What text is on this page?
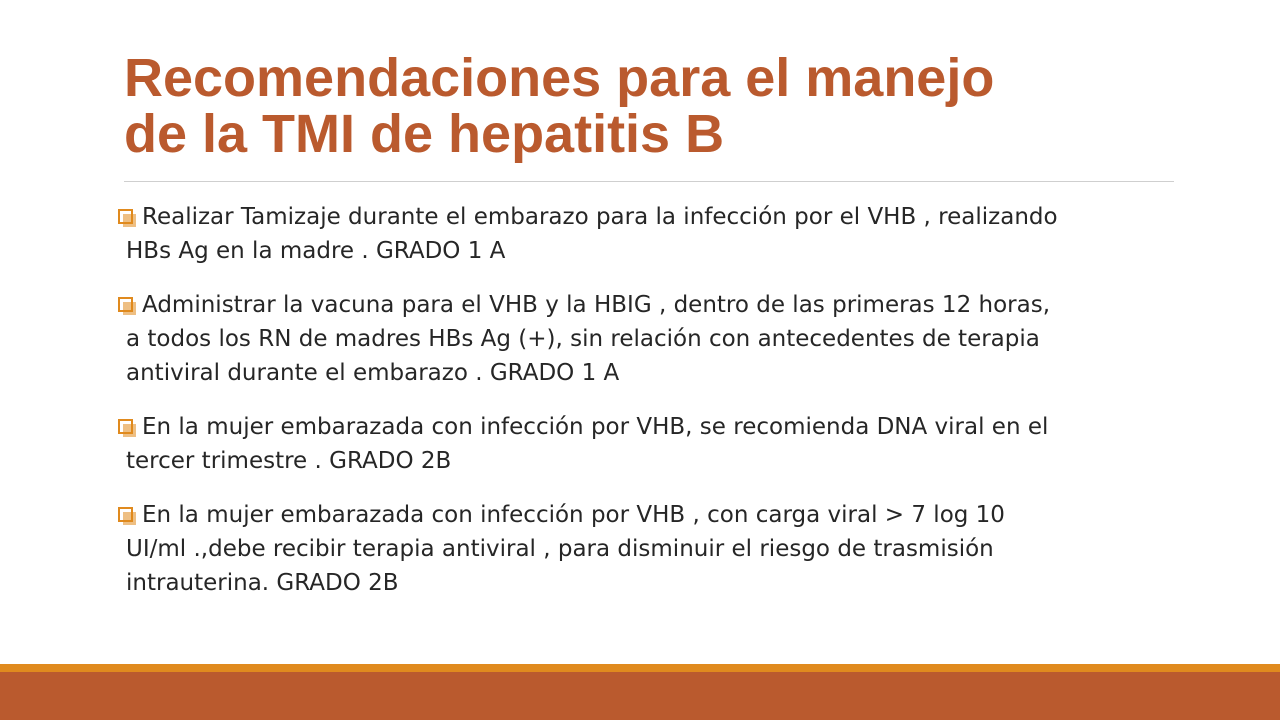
Recomendaciones para el manejo
de la TMI de hepatitis B
Realizar Tamizaje durante el embarazo para la infección por el VHB , realizando
HBs Ag en la madre . GRADO 1 A
Administrar la vacuna para el VHB y la HBIG , dentro de las primeras 12 horas,
a todos los RN de madres HBs Ag (+), sin relación con antecedentes de terapia
antiviral durante el embarazo . GRADO 1 A
En la mujer embarazada con infección por VHB, se recomienda DNA viral en el
tercer trimestre . GRADO 2B
En la mujer embarazada con infección por VHB , con carga viral > 7 log 10
UI/ml .,debe recibir terapia antiviral , para disminuir el riesgo de trasmisión
intrauterina. GRADO 2B
